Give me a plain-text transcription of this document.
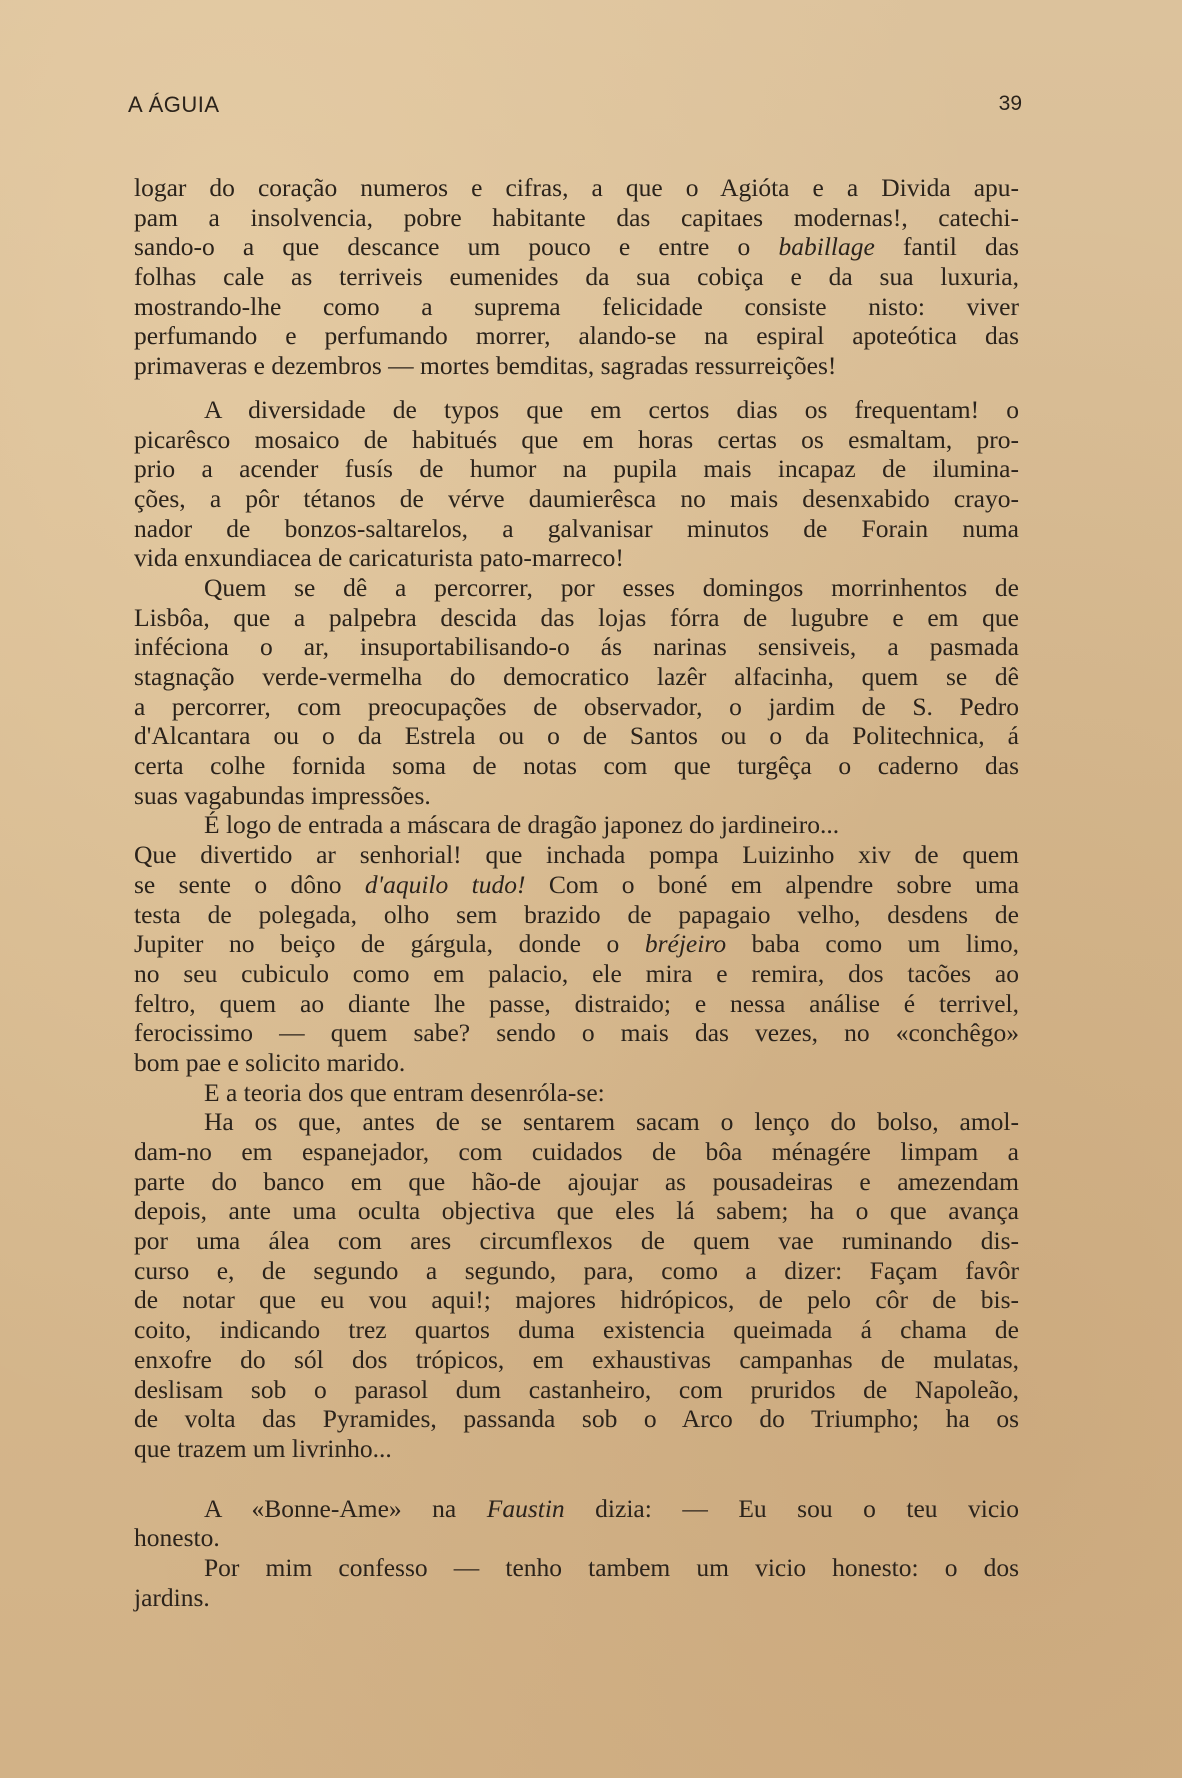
A ÁGUIA	39
logar do coração numeros e cifras, a que o Agióta e a Divida apu-
pam a insolvencia, pobre habitante das capitaes modernas!, catechi-
sando-o a que descance um pouco e entre o babillage fantil das
folhas cale as terriveis eumenides da sua cobiça e da sua luxuria,
mostrando-lhe como a suprema felicidade consiste nisto: viver
perfumando e perfumando morrer, alando-se na espiral apoteótica das
primaveras e dezembros — mortes bemditas, sagradas ressurreições!
A diversidade de typos que em certos dias os frequentam! o
picarêsco mosaico de habitués que em horas certas os esmaltam, pro-
prio a acender fusís de humor na pupila mais incapaz de ilumina-
ções, a pôr tétanos de vérve daumierêsca no mais desenxabido crayo-
nador de bonzos-saltarelos, a galvanisar minutos de Forain numa
vida enxundiacea de caricaturista pato-marreco!
Quem se dê a percorrer, por esses domingos morrinhentos de
Lisbôa, que a palpebra descida das lojas fórra de lugubre e em que
inféciona o ar, insuportabilisando-o ás narinas sensiveis, a pasmada
stagnação verde-vermelha do democratico lazêr alfacinha, quem se dê
a percorrer, com preocupações de observador, o jardim de S. Pedro
d'Alcantara ou o da Estrela ou o de Santos ou o da Politechnica, á
certa colhe fornida soma de notas com que turgêça o caderno das
suas vagabundas impressões.
É logo de entrada a máscara de dragão japonez do jardineiro...
Que divertido ar senhorial! que inchada pompa Luizinho xiv de quem
se sente o dôno d'aquilo tudo! Com o boné em alpendre sobre uma
testa de polegada, olho sem brazido de papagaio velho, desdens de
Jupiter no beiço de gárgula, donde o bréjeiro baba como um limo,
no seu cubiculo como em palacio, ele mira e remira, dos tacões ao
feltro, quem ao diante lhe passe, distraido; e nessa análise é terrivel,
ferocissimo — quem sabe? sendo o mais das vezes, no «conchêgo»
bom pae e solicito marido.
E a teoria dos que entram desenróla-se:
Ha os que, antes de se sentarem sacam o lenço do bolso, amol-
dam-no em espanejador, com cuidados de bôa ménagére limpam a
parte do banco em que hão-de ajoujar as pousadeiras e amezendam
depois, ante uma oculta objectiva que eles lá sabem; ha o que avança
por uma álea com ares circumflexos de quem vae ruminando dis-
curso e, de segundo a segundo, para, como a dizer: Façam favôr
de notar que eu vou aqui!; majores hidrópicos, de pelo côr de bis-
coito, indicando trez quartos duma existencia queimada á chama de
enxofre do sól dos trópicos, em exhaustivas campanhas de mulatas,
deslisam sob o parasol dum castanheiro, com pruridos de Napoleão,
de volta das Pyramides, passanda sob o Arco do Triumpho; ha os
que trazem um livrinho...
A «Bonne-Ame» na Faustin dizia: — Eu sou o teu vicio
honesto.
Por mim confesso — tenho tambem um vicio honesto: o dos
jardins.
